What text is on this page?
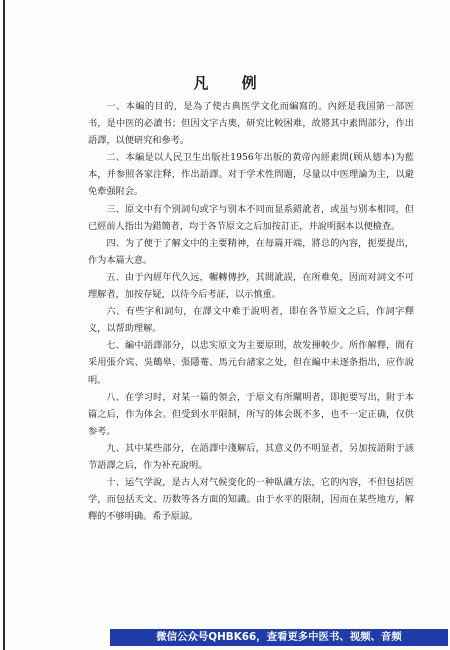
凡 例

一、本編的目的，是為了使古典医学文化而編寫的。內經是我国第一部医书，是中医的必讀书；但因文字古奧，研究比較困难，故將其中素問部分，作出語譯，以便研究和參考。

二、本編是以人民卫生出版社1956年出版的黄帝內經素問(顾从德本)为藍本，并参照各家注释，作出語譯。对于学术性問題，尽量以中医理論为主，以避免牽强附会。

三、原文中有个别詞句或字与别本不同而显系錯訛者，或虽与别本相同，但已經前人指出为錯簡者，均于各节原文之后加按訂正，并說明据本以便檢查。

四、为了便于了解文中的主要精神，在每篇开端，將总的內容，扼要提出，作为本篇大意。

五、由于內經年代久远，輾轉傳抄，其間訛誤，在所难免，因而对詞文不可理解者，加按存疑，以待今后考証，以示慎重。

六、有些字和詞句，在譯文中难于說明者，即在各节原文之后，作詞字釋义，以帮助理解。

七、編中語譯部分，以忠实原文为主要原則，故发揮較少。所作解釋，間有采用張介宾、吳鶴皋、張隱菴、馬元台諸家之处，但在編中未逐条指出，应作說明。

八、在学习时，对某一篇的領会，于原文有所闡明者，即扼要写出，附于本篇之后，作为体会。但受到水平限制，所写的体会既不多，也不一定正确，仅供参考。

九、其中某些部分，在語譯中淺解后，其意义仍不明显者，另加按語附于該节語譯之后，作为补充說明。

十、运气学說，是古人对气候变化的一种臥識方法，它的內容，不但包括医学，而包括天文、历数等各方面的知識。由于水平的限制，因而在某些地方，解釋的不够明确。希予原諒。

微信公众号QHBK66，查看更多中医书、视频、音频
